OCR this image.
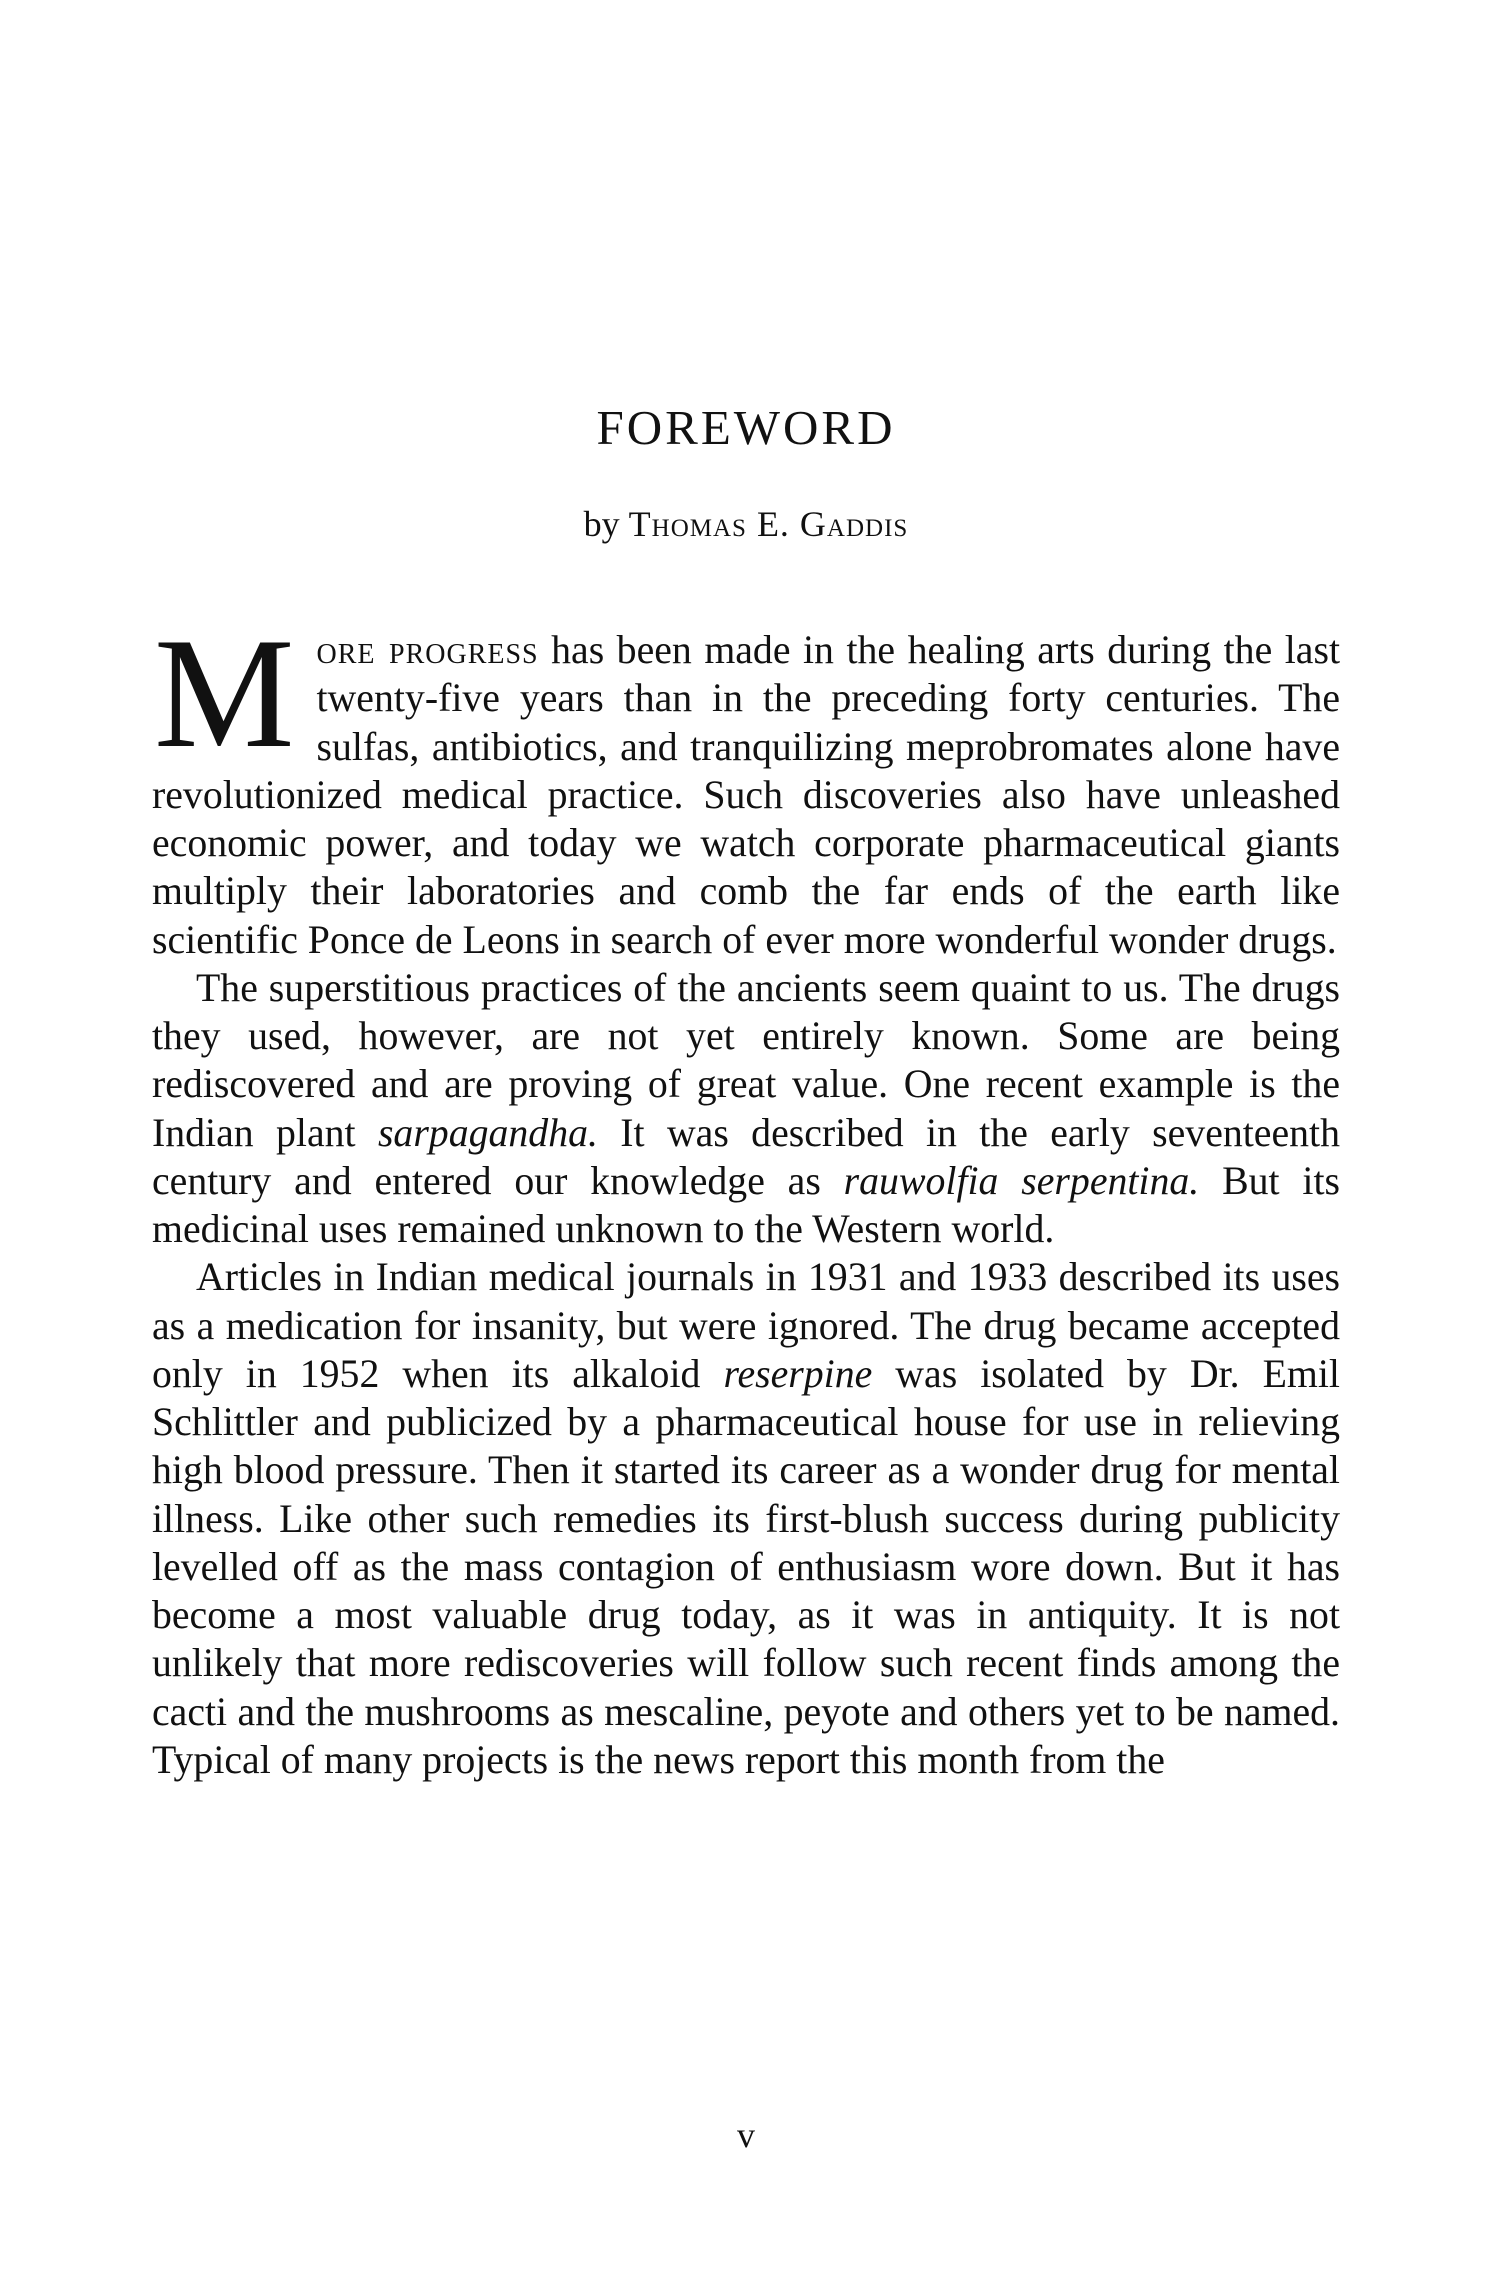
FOREWORD
by Thomas E. Gaddis

More progress has been made in the healing arts during the last twenty-five years than in the preceding forty centuries. The sulfas, antibiotics, and tranquilizing meprobromates alone have revolutionized medical practice. Such discoveries also have unleashed economic power, and today we watch corporate pharmaceutical giants multiply their laboratories and comb the far ends of the earth like scientific Ponce de Leons in search of ever more wonderful wonder drugs.

The superstitious practices of the ancients seem quaint to us. The drugs they used, however, are not yet entirely known. Some are being rediscovered and are proving of great value. One recent example is the Indian plant sarpagandha. It was described in the early seventeenth century and entered our knowledge as rauwolfia serpentina. But its medicinal uses remained unknown to the Western world.

Articles in Indian medical journals in 1931 and 1933 described its uses as a medication for insanity, but were ignored. The drug became accepted only in 1952 when its alkaloid reserpine was isolated by Dr. Emil Schlittler and publicized by a pharmaceutical house for use in relieving high blood pressure. Then it started its career as a wonder drug for mental illness. Like other such remedies its first-blush success during publicity levelled off as the mass contagion of enthusiasm wore down. But it has become a most valuable drug today, as it was in antiquity. It is not unlikely that more rediscoveries will follow such recent finds among the cacti and the mushrooms as mescaline, peyote and others yet to be named. Typical of many projects is the news report this month from the

v
